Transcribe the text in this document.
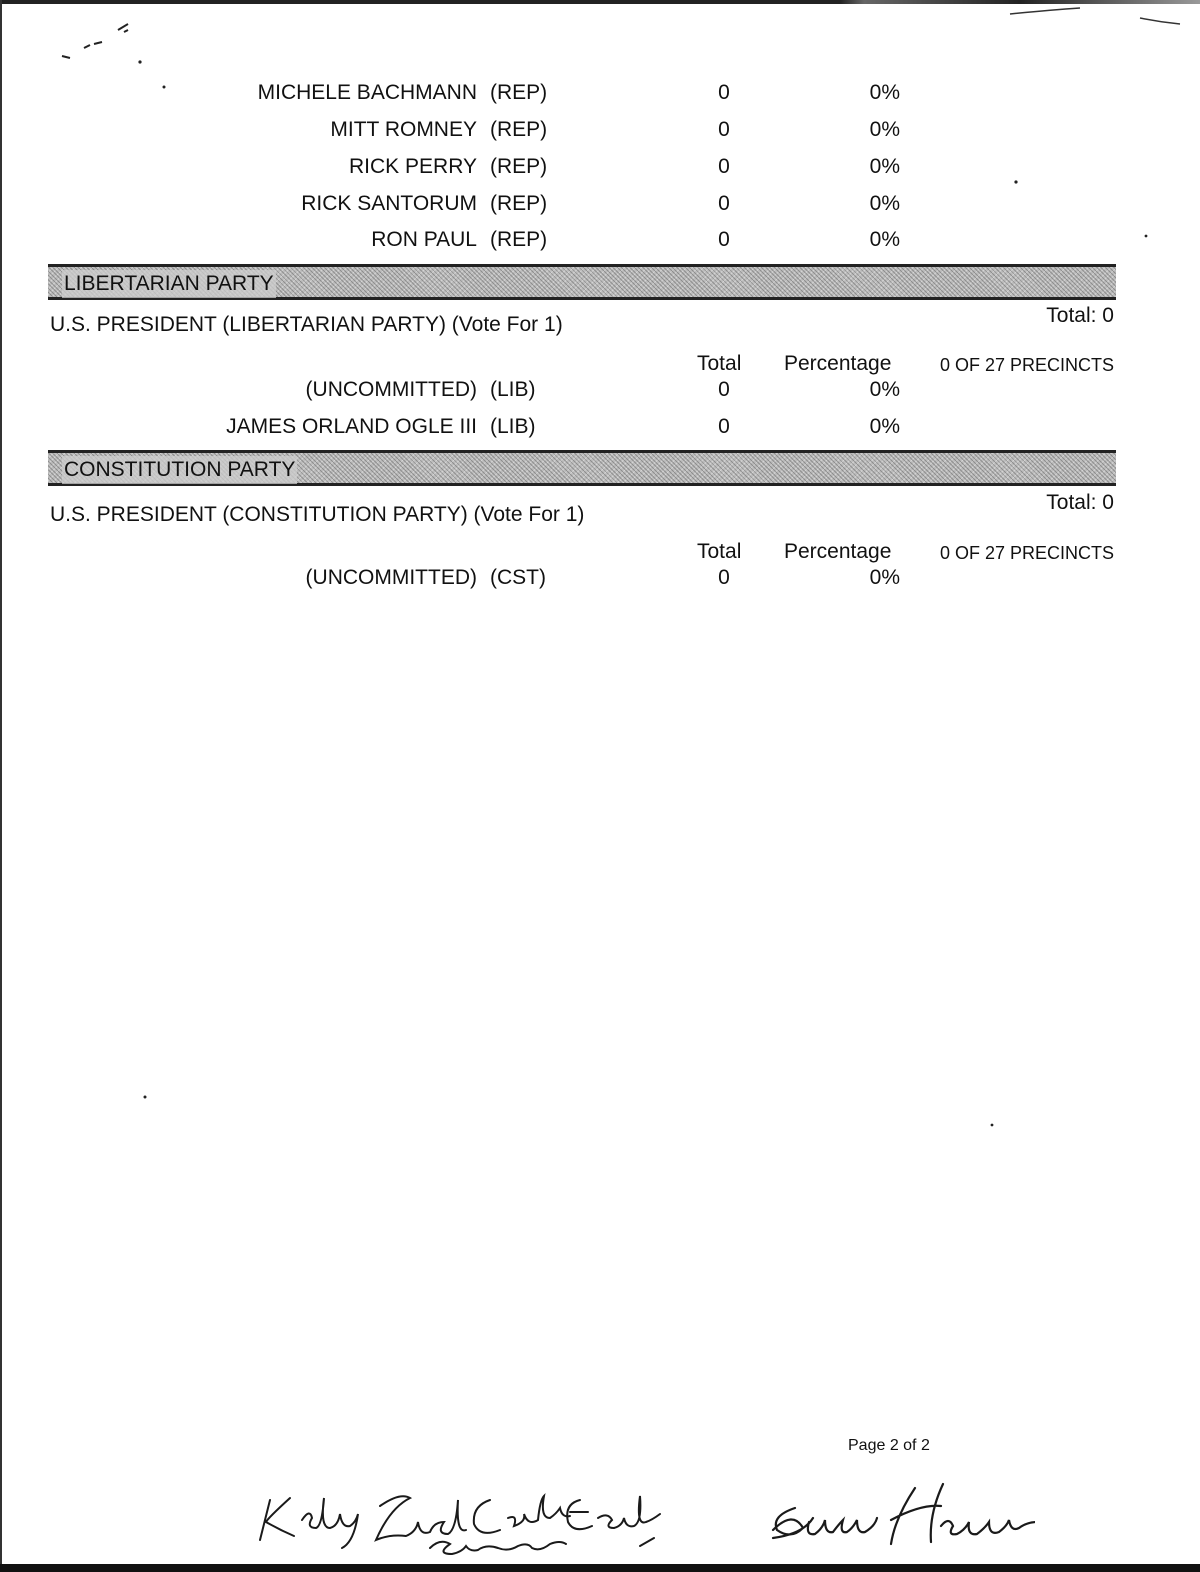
MICHELE BACHMANN (REP)	0	0%
MITT ROMNEY (REP)	0	0%
RICK PERRY (REP)	0	0%
RICK SANTORUM (REP)	0	0%
RON PAUL (REP)	0	0%
LIBERTARIAN PARTY
U.S. PRESIDENT (LIBERTARIAN PARTY) (Vote For 1)	Total: 0
Total Percentage	0 OF 27 PRECINCTS
(UNCOMMITTED) (LIB)	0	0%
JAMES ORLAND OGLE III (LIB)	0	0%
CONSTITUTION PARTY
U.S. PRESIDENT (CONSTITUTION PARTY) (Vote For 1)
Total: 0
Total Percentage	0 OF 27 PRECINCTS
(UNCOMMITTED) (CST)	0	0%
Page 2 of 2
